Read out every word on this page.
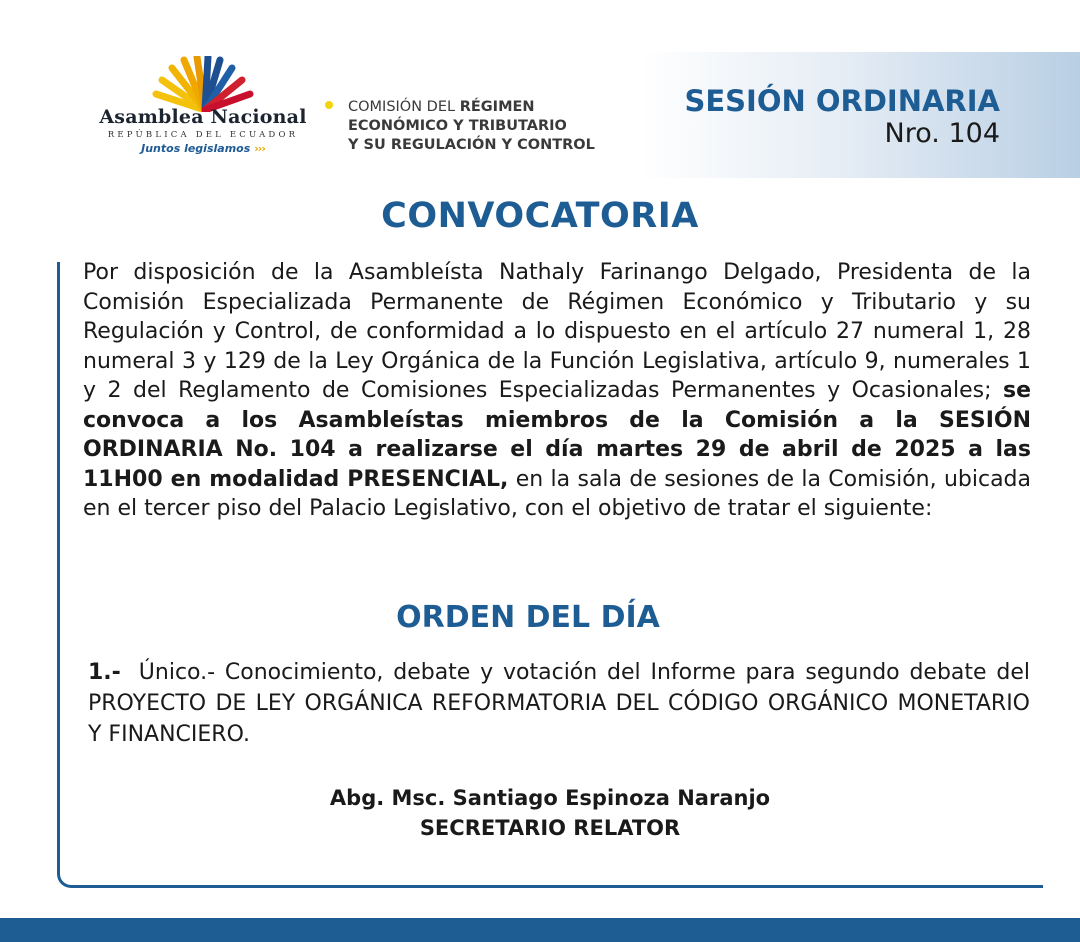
Asamblea Nacional
REPÚBLICA DEL ECUADOR
Juntos legislamos ›››
COMISIÓN DEL RÉGIMEN
ECONÓMICO Y TRIBUTARIO
Y SU REGULACIÓN Y CONTROL
SESIÓN ORDINARIA
Nro. 104
CONVOCATORIA
Por disposición de la Asambleísta Nathaly Farinango Delgado, Presidenta de la Comisión Especializada Permanente de Régimen Económico y Tributario y su Regulación y Control, de conformidad a lo dispuesto en el artículo 27 numeral 1, 28 numeral 3 y 129 de la Ley Orgánica de la Función Legislativa, artículo 9, numerales 1 y 2 del Reglamento de Comisiones Especializadas Permanentes y Ocasionales; se convoca a los Asambleístas miembros de la Comisión a la SESIÓN ORDINARIA No. 104 a realizarse el día martes 29 de abril de 2025 a las 11H00 en modalidad PRESENCIAL, en la sala de sesiones de la Comisión, ubicada en el tercer piso del Palacio Legislativo, con el objetivo de tratar el siguiente:
ORDEN DEL DÍA
1.- Único.- Conocimiento, debate y votación del Informe para segundo debate del PROYECTO DE LEY ORGÁNICA REFORMATORIA DEL CÓDIGO ORGÁNICO MONETARIO Y FINANCIERO.
Abg. Msc. Santiago Espinoza Naranjo
SECRETARIO RELATOR
